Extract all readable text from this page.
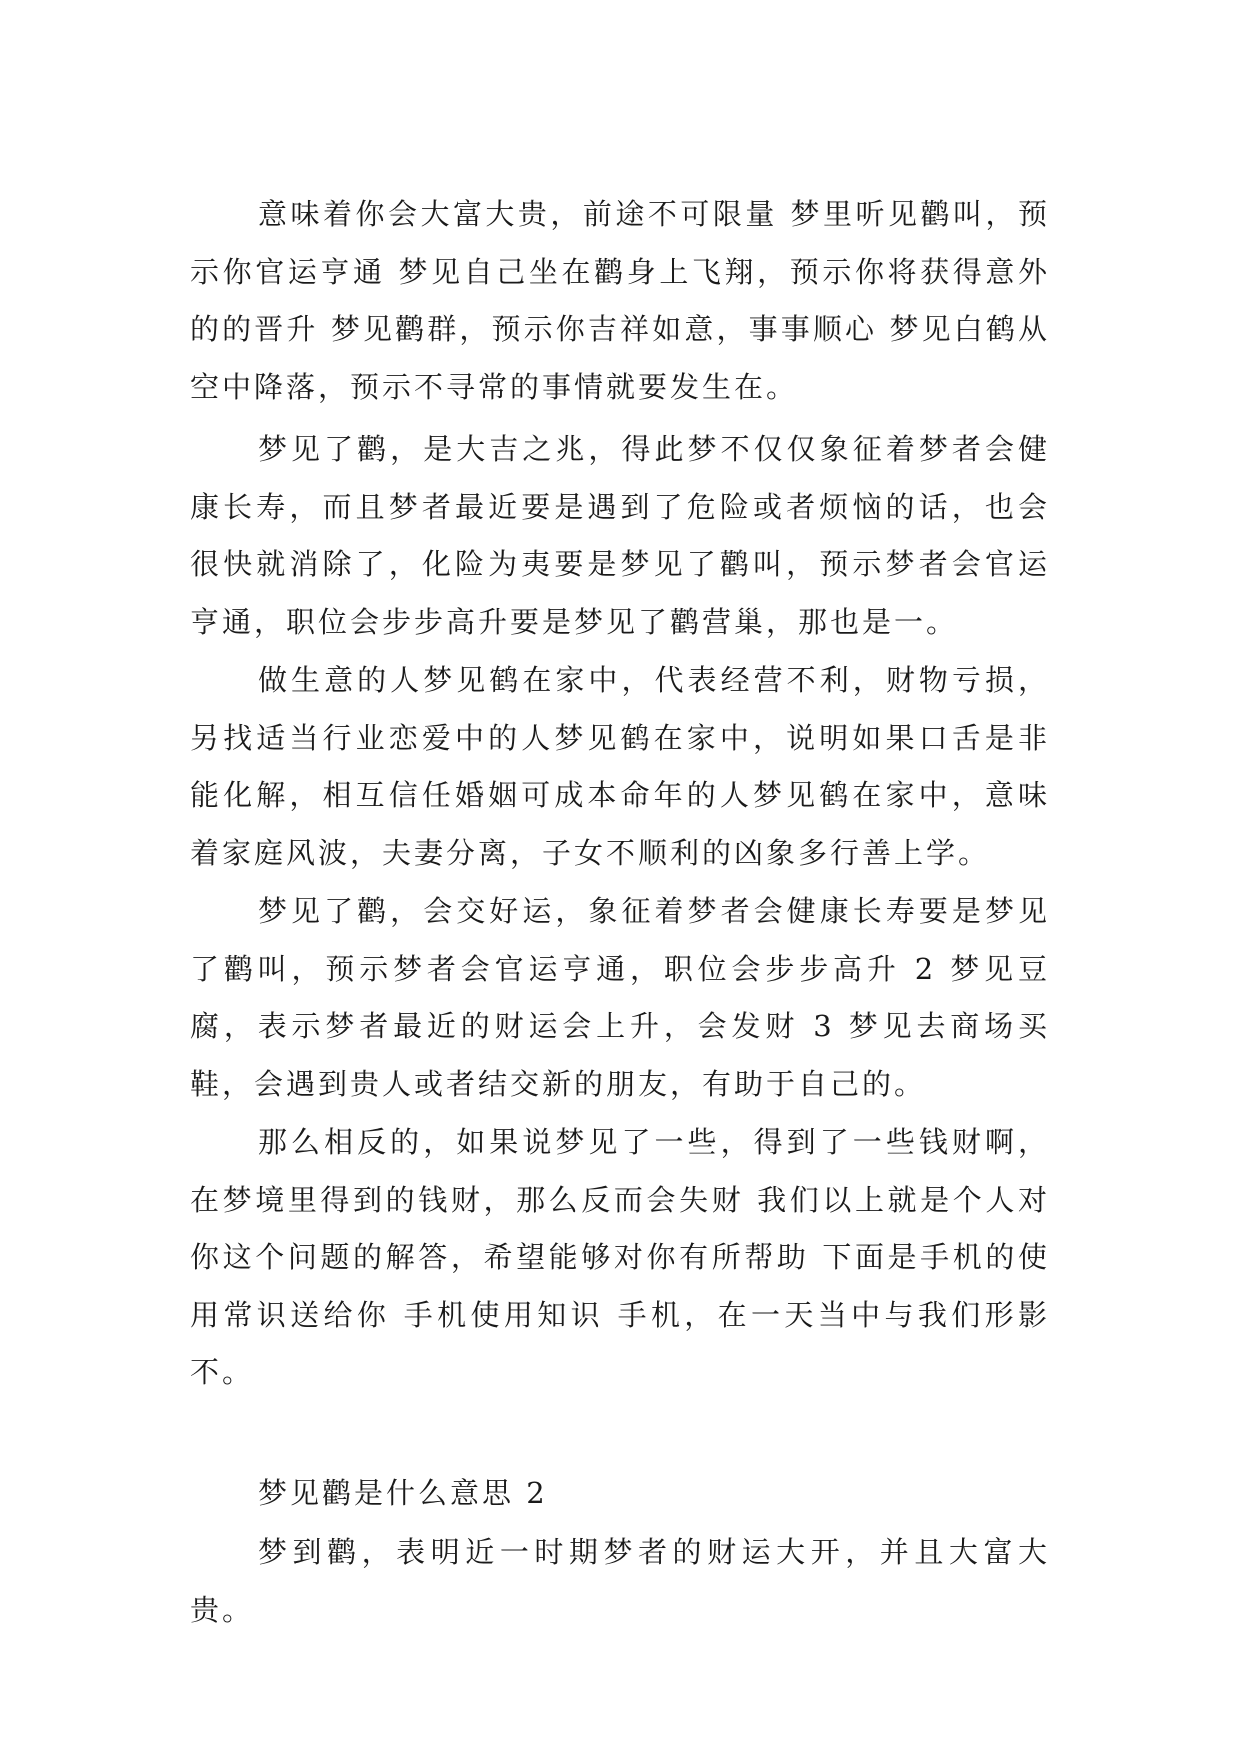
意味着你会大富大贵，前途不可限量 梦里听见鹳叫，预示你官运亨通 梦见自己坐在鹳身上飞翔，预示你将获得意外的的晋升 梦见鹳群，预示你吉祥如意，事事顺心 梦见白鹤从空中降落，预示不寻常的事情就要发生在。

梦见了鹳，是大吉之兆，得此梦不仅仅象征着梦者会健康长寿，而且梦者最近要是遇到了危险或者烦恼的话，也会很快就消除了，化险为夷要是梦见了鹳叫，预示梦者会官运亨通，职位会步步高升要是梦见了鹳营巢，那也是一。

做生意的人梦见鹤在家中，代表经营不利，财物亏损，另找适当行业恋爱中的人梦见鹤在家中，说明如果口舌是非能化解，相互信任婚姻可成本命年的人梦见鹤在家中，意味着家庭风波，夫妻分离，子女不顺利的凶象多行善上学。

梦见了鹳，会交好运，象征着梦者会健康长寿要是梦见了鹳叫，预示梦者会官运亨通，职位会步步高升 2 梦见豆腐，表示梦者最近的财运会上升，会发财 3 梦见去商场买鞋，会遇到贵人或者结交新的朋友，有助于自己的。

那么相反的，如果说梦见了一些，得到了一些钱财啊，在梦境里得到的钱财，那么反而会失财 我们以上就是个人对你这个问题的解答，希望能够对你有所帮助 下面是手机的使用常识送给你 手机使用知识 手机，在一天当中与我们形影不。

梦见鹳是什么意思 2

梦到鹳，表明近一时期梦者的财运大开，并且大富大贵。
